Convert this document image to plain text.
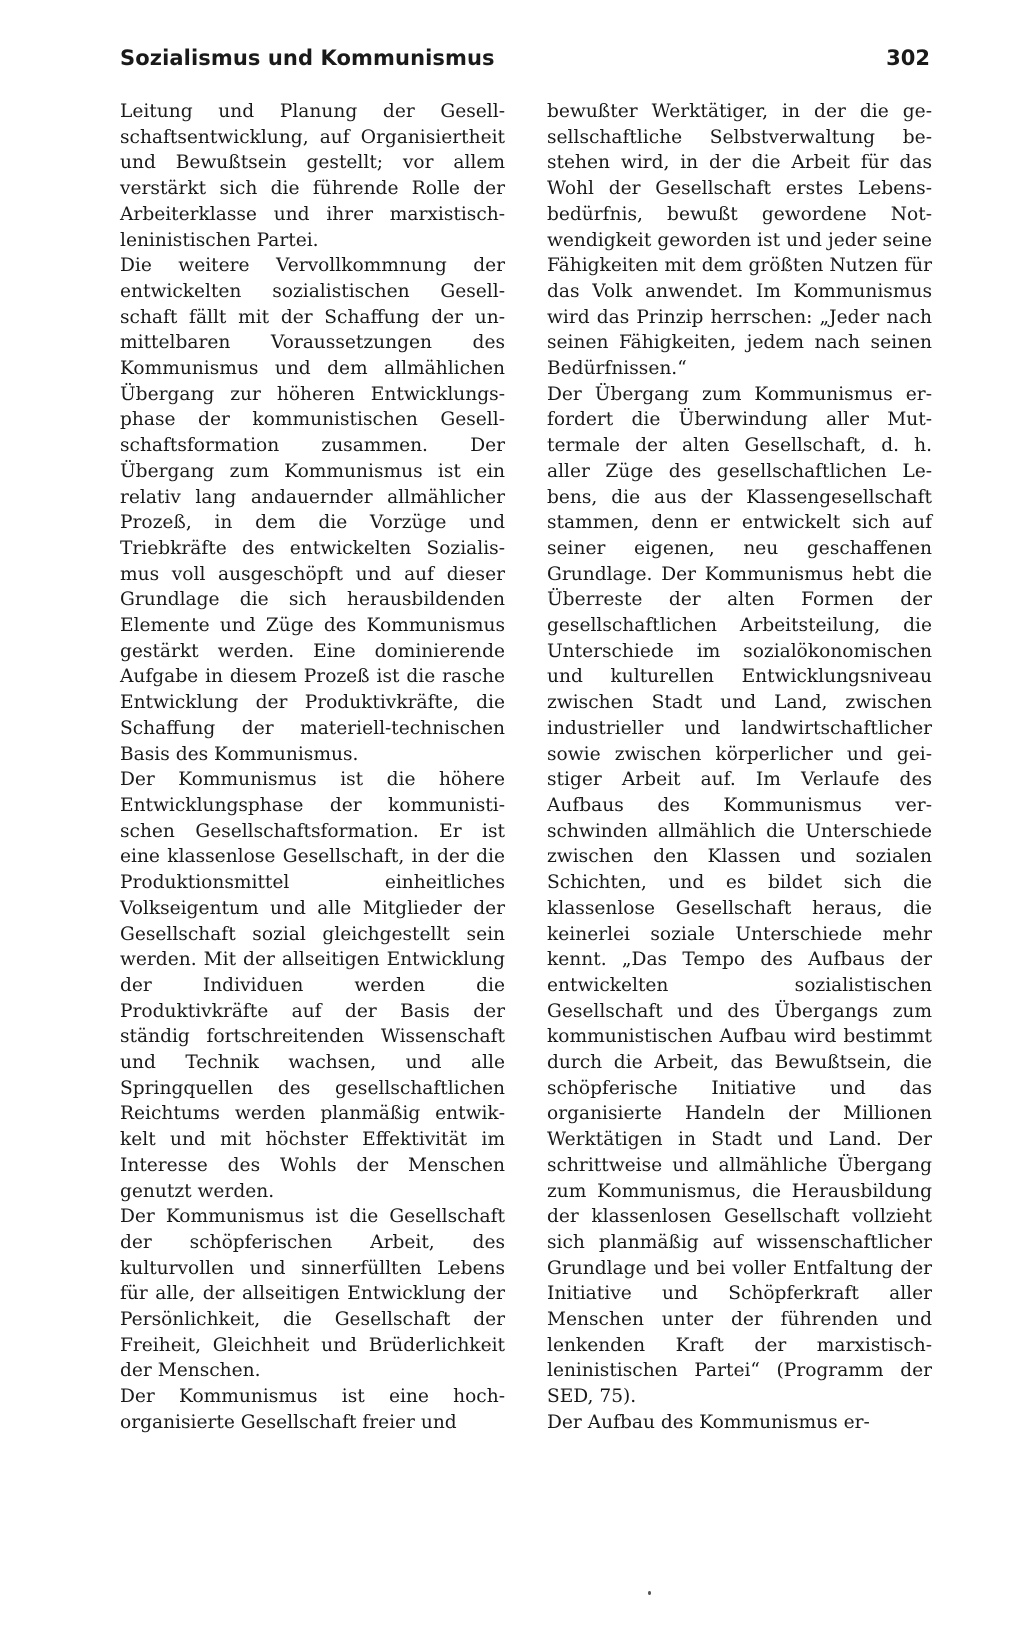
Sozialismus und Kommunismus	302

Leitung und Planung der Gesellschaftsentwicklung, auf Organisiertheit und Bewußtsein gestellt; vor allem verstärkt sich die führende Rolle der Arbeiterklasse und ihrer marxistisch-leninistischen Partei.

Die weitere Vervollkommnung der entwickelten sozialistischen Gesellschaft fällt mit der Schaffung der unmittelbaren Voraussetzungen des Kommunismus und dem allmählichen Übergang zur höheren Entwicklungsphase der kommunistischen Gesellschaftsformation zusammen. Der Übergang zum Kommunismus ist ein relativ lang andauernder allmählicher Prozeß, in dem die Vorzüge und Triebkräfte des entwickelten Sozialismus voll ausgeschöpft und auf dieser Grundlage die sich herausbildenden Elemente und Züge des Kommunismus gestärkt werden. Eine dominierende Aufgabe in diesem Prozeß ist die rasche Entwicklung der Produktivkräfte, die Schaffung der materiell-technischen Basis des Kommunismus.

Der Kommunismus ist die höhere Entwicklungsphase der kommunistischen Gesellschaftsformation. Er ist eine klassenlose Gesellschaft, in der die Produktionsmittel einheitliches Volkseigentum und alle Mitglieder der Gesellschaft sozial gleichgestellt sein werden. Mit der allseitigen Entwicklung der Individuen werden die Produktivkräfte auf der Basis der ständig fortschreitenden Wissenschaft und Technik wachsen, und alle Springquellen des gesellschaftlichen Reichtums werden planmäßig entwikkelt und mit höchster Effektivität im Interesse des Wohls der Menschen genutzt werden.

Der Kommunismus ist die Gesellschaft der schöpferischen Arbeit, des kulturvollen und sinnerfüllten Lebens für alle, der allseitigen Entwicklung der Persönlichkeit, die Gesellschaft der Freiheit, Gleichheit und Brüderlichkeit der Menschen.

Der Kommunismus ist eine hochorganisierte Gesellschaft freier und

bewußter Werktätiger, in der die gesellschaftliche Selbstverwaltung bestehen wird, in der die Arbeit für das Wohl der Gesellschaft erstes Lebensbedürfnis, bewußt gewordene Notwendigkeit geworden ist und jeder seine Fähigkeiten mit dem größten Nutzen für das Volk anwendet. Im Kommunismus wird das Prinzip herrschen: „Jeder nach seinen Fähigkeiten, jedem nach seinen Bedürfnissen.“

Der Übergang zum Kommunismus erfordert die Überwindung aller Muttermale der alten Gesellschaft, d. h. aller Züge des gesellschaftlichen Lebens, die aus der Klassengesellschaft stammen, denn er entwickelt sich auf seiner eigenen, neu geschaffenen Grundlage. Der Kommunismus hebt die Überreste der alten Formen der gesellschaftlichen Arbeitsteilung, die Unterschiede im sozialökonomischen und kulturellen Entwicklungsniveau zwischen Stadt und Land, zwischen industrieller und landwirtschaftlicher sowie zwischen körperlicher und geistiger Arbeit auf. Im Verlaufe des Aufbaus des Kommunismus verschwinden allmählich die Unterschiede zwischen den Klassen und sozialen Schichten, und es bildet sich die klassenlose Gesellschaft heraus, die keinerlei soziale Unterschiede mehr kennt. „Das Tempo des Aufbaus der entwickelten sozialistischen Gesellschaft und des Übergangs zum kommunistischen Aufbau wird bestimmt durch die Arbeit, das Bewußtsein, die schöpferische Initiative und das organisierte Handeln der Millionen Werktätigen in Stadt und Land. Der schrittweise und allmähliche Übergang zum Kommunismus, die Herausbildung der klassenlosen Gesellschaft vollzieht sich planmäßig auf wissenschaftlicher Grundlage und bei voller Entfaltung der Initiative und Schöpferkraft aller Menschen unter der führenden und lenkenden Kraft der marxistisch-leninistischen Partei“ (Programm der SED, 75).

Der Aufbau des Kommunismus er-
